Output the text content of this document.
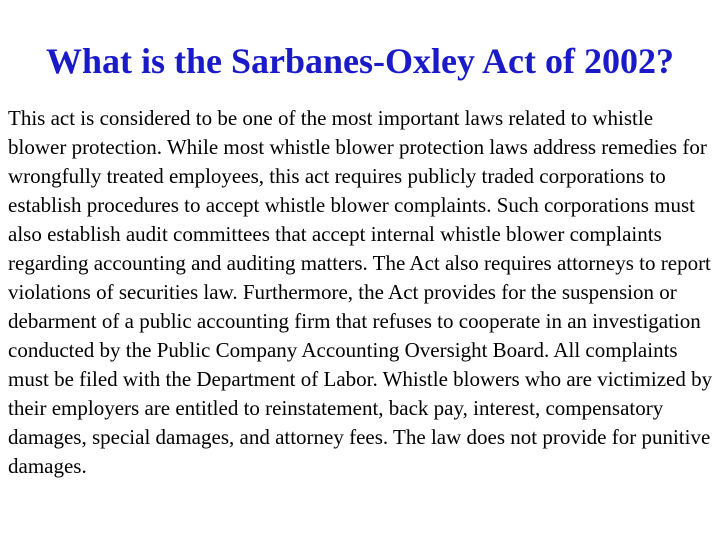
What is the Sarbanes-Oxley Act of 2002?

This act is considered to be one of the most important laws related to whistle blower protection. While most whistle blower protection laws address remedies for wrongfully treated employees, this act requires publicly traded corporations to establish procedures to accept whistle blower complaints. Such corporations must also establish audit committees that accept internal whistle blower complaints regarding accounting and auditing matters. The Act also requires attorneys to report violations of securities law. Furthermore, the Act provides for the suspension or debarment of a public accounting firm that refuses to cooperate in an investigation conducted by the Public Company Accounting Oversight Board. All complaints must be filed with the Department of Labor. Whistle blowers who are victimized by their employers are entitled to reinstatement, back pay, interest, compensatory damages, special damages, and attorney fees. The law does not provide for punitive damages.
